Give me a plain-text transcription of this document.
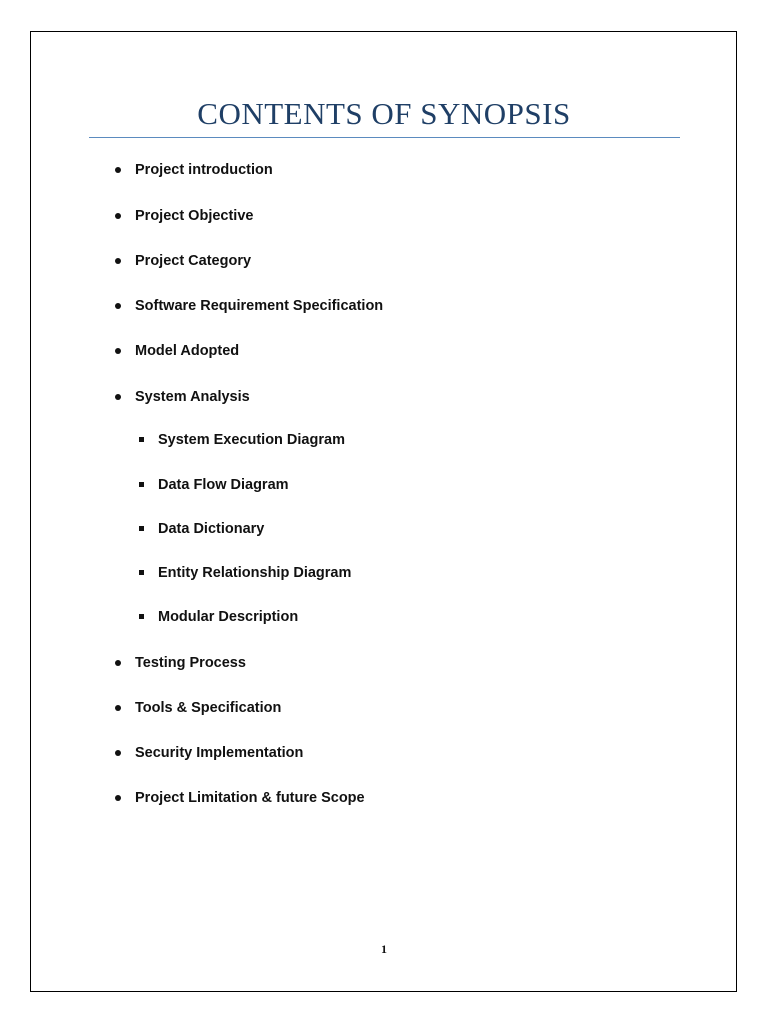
CONTENTS OF SYNOPSIS
Project introduction
Project Objective
Project Category
Software Requirement Specification
Model Adopted
System Analysis
System Execution Diagram
Data Flow Diagram
Data Dictionary
Entity Relationship Diagram
Modular Description
Testing Process
Tools & Specification
Security Implementation
Project Limitation & future Scope
1
